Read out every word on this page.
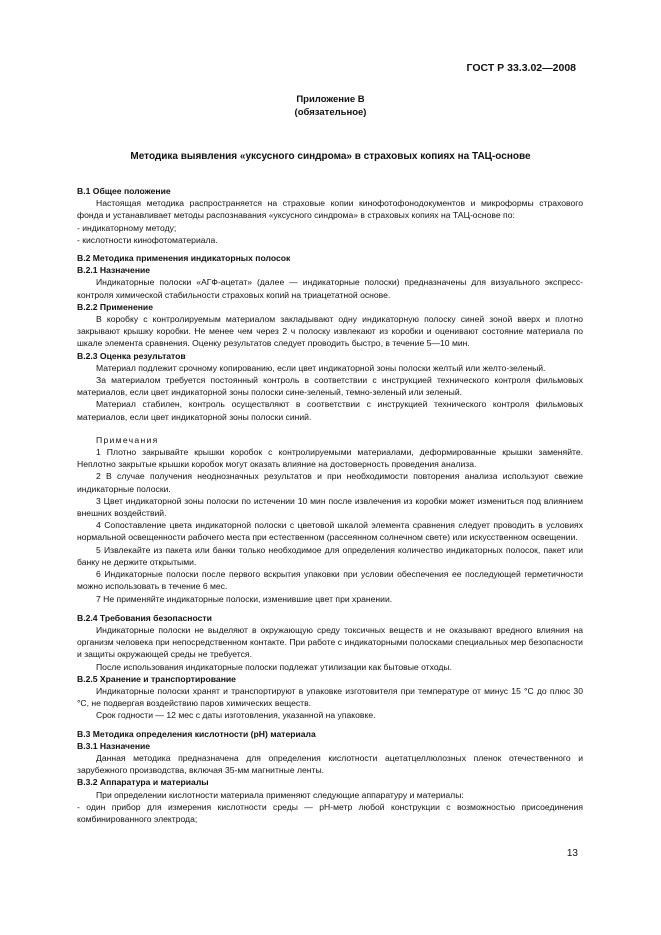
ГОСТ Р 33.3.02—2008
Приложение В
(обязательное)
Методика выявления «уксусного синдрома» в страховых копиях на ТАЦ-основе

В.1 Общее положение

Настоящая методика распространяется на страховые копии кинофотофонодокументов и микроформы страхового фонда и устанавливает методы распознавания «уксусного синдрома» в страховых копиях на ТАЦ-основе по:

- индикаторному методу;

- кислотности кинофотоматериала.

В.2 Методика применения индикаторных полосок

В.2.1 Назначение

Индикаторные полоски «АГФ-ацетат» (далее — индикаторные полоски) предназначены для визуального экспресс-контроля химической стабильности страховых копий на триацетатной основе.

В.2.2 Применение

В коробку с контролируемым материалом закладывают одну индикаторную полоску синей зоной вверх и плотно закрывают крышку коробки. Не менее чем через 2 ч полоску извлекают из коробки и оценивают состояние материала по шкале элемента сравнения. Оценку результатов следует проводить быстро, в течение 5—10 мин.

В.2.3 Оценка результатов

Материал подлежит срочному копированию, если цвет индикаторной зоны полоски желтый или желто-зеленый.

За материалом требуется постоянный контроль в соответствии с инструкцией технического контроля фильмовых материалов, если цвет индикаторной зоны полоски сине-зеленый, темно-зеленый или зеленый.

Материал стабилен, контроль осуществляют в соответствии с инструкцией технического контроля фильмовых материалов, если цвет индикаторной зоны полоски синий.

Примечания

1 Плотно закрывайте крышки коробок с контролируемыми материалами, деформированные крышки заменяйте. Неплотно закрытые крышки коробок могут оказать влияние на достоверность проведения анализа.

2 В случае получения неоднозначных результатов и при необходимости повторения анализа используют свежие индикаторные полоски.

3 Цвет индикаторной зоны полоски по истечении 10 мин после извлечения из коробки может измениться под влиянием внешних воздействий.

4 Сопоставление цвета индикаторной полоски с цветовой шкалой элемента сравнения следует проводить в условиях нормальной освещенности рабочего места при естественном (рассеянном солнечном свете) или искусственном освещении.

5 Извлекайте из пакета или банки только необходимое для определения количество индикаторных полосок, пакет или банку не держите открытыми.

6 Индикаторные полоски после первого вскрытия упаковки при условии обеспечения ее последующей герметичности можно использовать в течение 6 мес.

7 Не применяйте индикаторные полоски, изменившие цвет при хранении.

В.2.4 Требования безопасности

Индикаторные полоски не выделяют в окружающую среду токсичных веществ и не оказывают вредного влияния на организм человека при непосредственном контакте. При работе с индикаторными полосками специальных мер безопасности и защиты окружающей среды не требуется.

После использования индикаторные полоски подлежат утилизации как бытовые отходы.

В.2.5 Хранение и транспортирование

Индикаторные полоски хранят и транспортируют в упаковке изготовителя при температуре от минус 15 °С до плюс 30 °С, не подвергая воздействию паров химических веществ.

Срок годности — 12 мес с даты изготовления, указанной на упаковке.

В.3 Методика определения кислотности (pH) материала

В.3.1 Назначение

Данная методика предназначена для определения кислотности ацетатцеллюлозных пленок отечественного и зарубежного производства, включая 35-мм магнитные ленты.

В.3.2 Аппаратура и материалы

При определении кислотности материала применяют следующие аппаратуру и материалы:

- один прибор для измерения кислотности среды — pH-метр любой конструкции с возможностью присоединения комбинированного электрода;

13
